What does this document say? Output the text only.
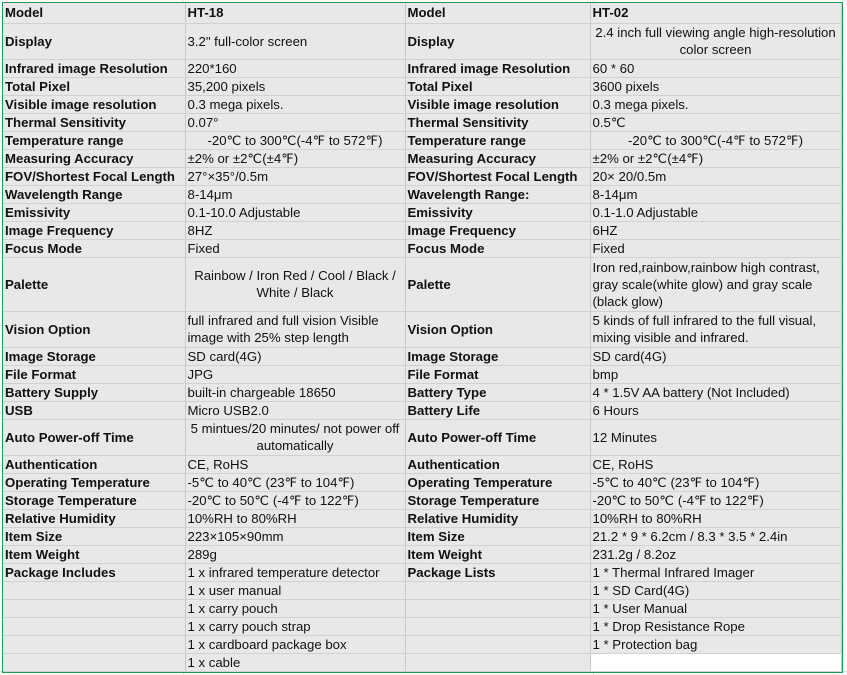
Model	HT-18	Model	HT-02
Display	3.2" full-color screen	Display	2.4 inch full viewing angle high-resolution color screen
Infrared image Resolution	220*160	Infrared image Resolution	60 * 60
Total Pixel	35,200 pixels	Total Pixel	3600 pixels
Visible image resolution	0.3 mega pixels.	Visible image resolution	0.3 mega pixels.
Thermal Sensitivity	0.07°	Thermal Sensitivity	0.5℃
Temperature range	-20℃ to 300℃(-4℉ to 572℉)	Temperature range	-20℃ to 300℃(-4℉ to 572℉)
Measuring Accuracy	±2% or ±2℃(±4℉)	Measuring Accuracy	±2% or ±2℃(±4℉)
FOV/Shortest Focal Length	27°×35°/0.5m	FOV/Shortest Focal Length	20× 20/0.5m
Wavelength Range	8-14μm	Wavelength Range:	8-14μm
Emissivity	0.1-10.0 Adjustable	Emissivity	0.1-1.0 Adjustable
Image Frequency	8HZ	Image Frequency	6HZ
Focus Mode	Fixed	Focus Mode	Fixed
Palette	Rainbow / Iron Red / Cool / Black / White / Black	Palette	Iron red,rainbow,rainbow high contrast, gray scale(white glow) and gray scale (black glow)
Vision Option	full infrared and full vision Visible image with 25% step length	Vision Option	5 kinds of full infrared to the full visual, mixing visible and infrared.
Image Storage	SD card(4G)	Image Storage	SD card(4G)
File Format	JPG	File Format	bmp
Battery Supply	built-in chargeable 18650	Battery Type	4 * 1.5V AA battery (Not Included)
USB	Micro USB2.0	Battery Life	6 Hours
Auto Power-off Time	5 mintues/20 minutes/ not power off automatically	Auto Power-off Time	12 Minutes
Authentication	CE, RoHS	Authentication	CE, RoHS
Operating Temperature	-5℃ to 40℃ (23℉ to 104℉)	Operating Temperature	-5℃ to 40℃ (23℉ to 104℉)
Storage Temperature	-20℃ to 50℃ (-4℉ to 122℉)	Storage Temperature	-20℃ to 50℃ (-4℉ to 122℉)
Relative Humidity	10%RH to 80%RH	Relative Humidity	10%RH to 80%RH
Item Size	223×105×90mm	Item Size	21.2 * 9 * 6.2cm / 8.3 * 3.5 * 2.4in
Item Weight	289g	Item Weight	231.2g / 8.2oz
Package Includes	1 x infrared temperature detector	Package Lists	1 * Thermal Infrared Imager
	1 x user manual		1 * SD Card(4G)
	1 x carry pouch		1 * User Manual
	1 x carry pouch strap		1 * Drop Resistance Rope
	1 x cardboard package box		1 * Protection bag
	1 x cable		
